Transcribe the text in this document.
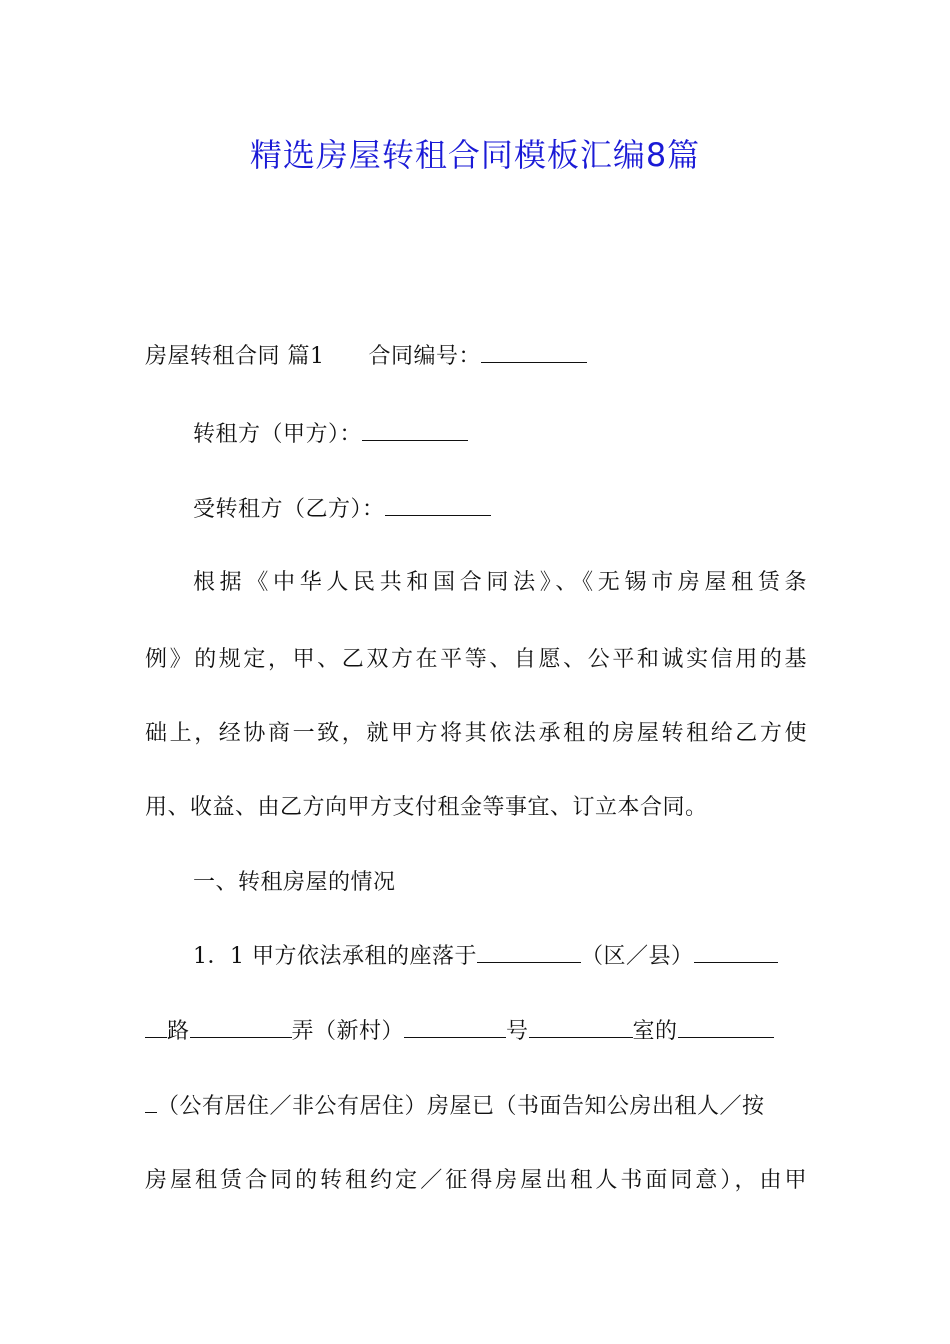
精选房屋转租合同模板汇编8篇
房屋转租合同 篇1 合同编号：
转租方（甲方）：
受转租方（乙方）：
根据《中华人民共和国合同法》、《无锡市房屋租赁条
例》的规定，甲、乙双方在平等、自愿、公平和诚实信用的基
础上，经协商一致，就甲方将其依法承租的房屋转租给乙方使
用、收益、由乙方向甲方支付租金等事宜、订立本合同。
一、转租房屋的情况
1．1 甲方依法承租的座落于	（区／县）
路	弄（新村）	号	室的
（公有居住／非公有居住）房屋已（书面告知公房出租人／按
房屋租赁合同的转租约定／征得房屋出租人书面同意），由甲
